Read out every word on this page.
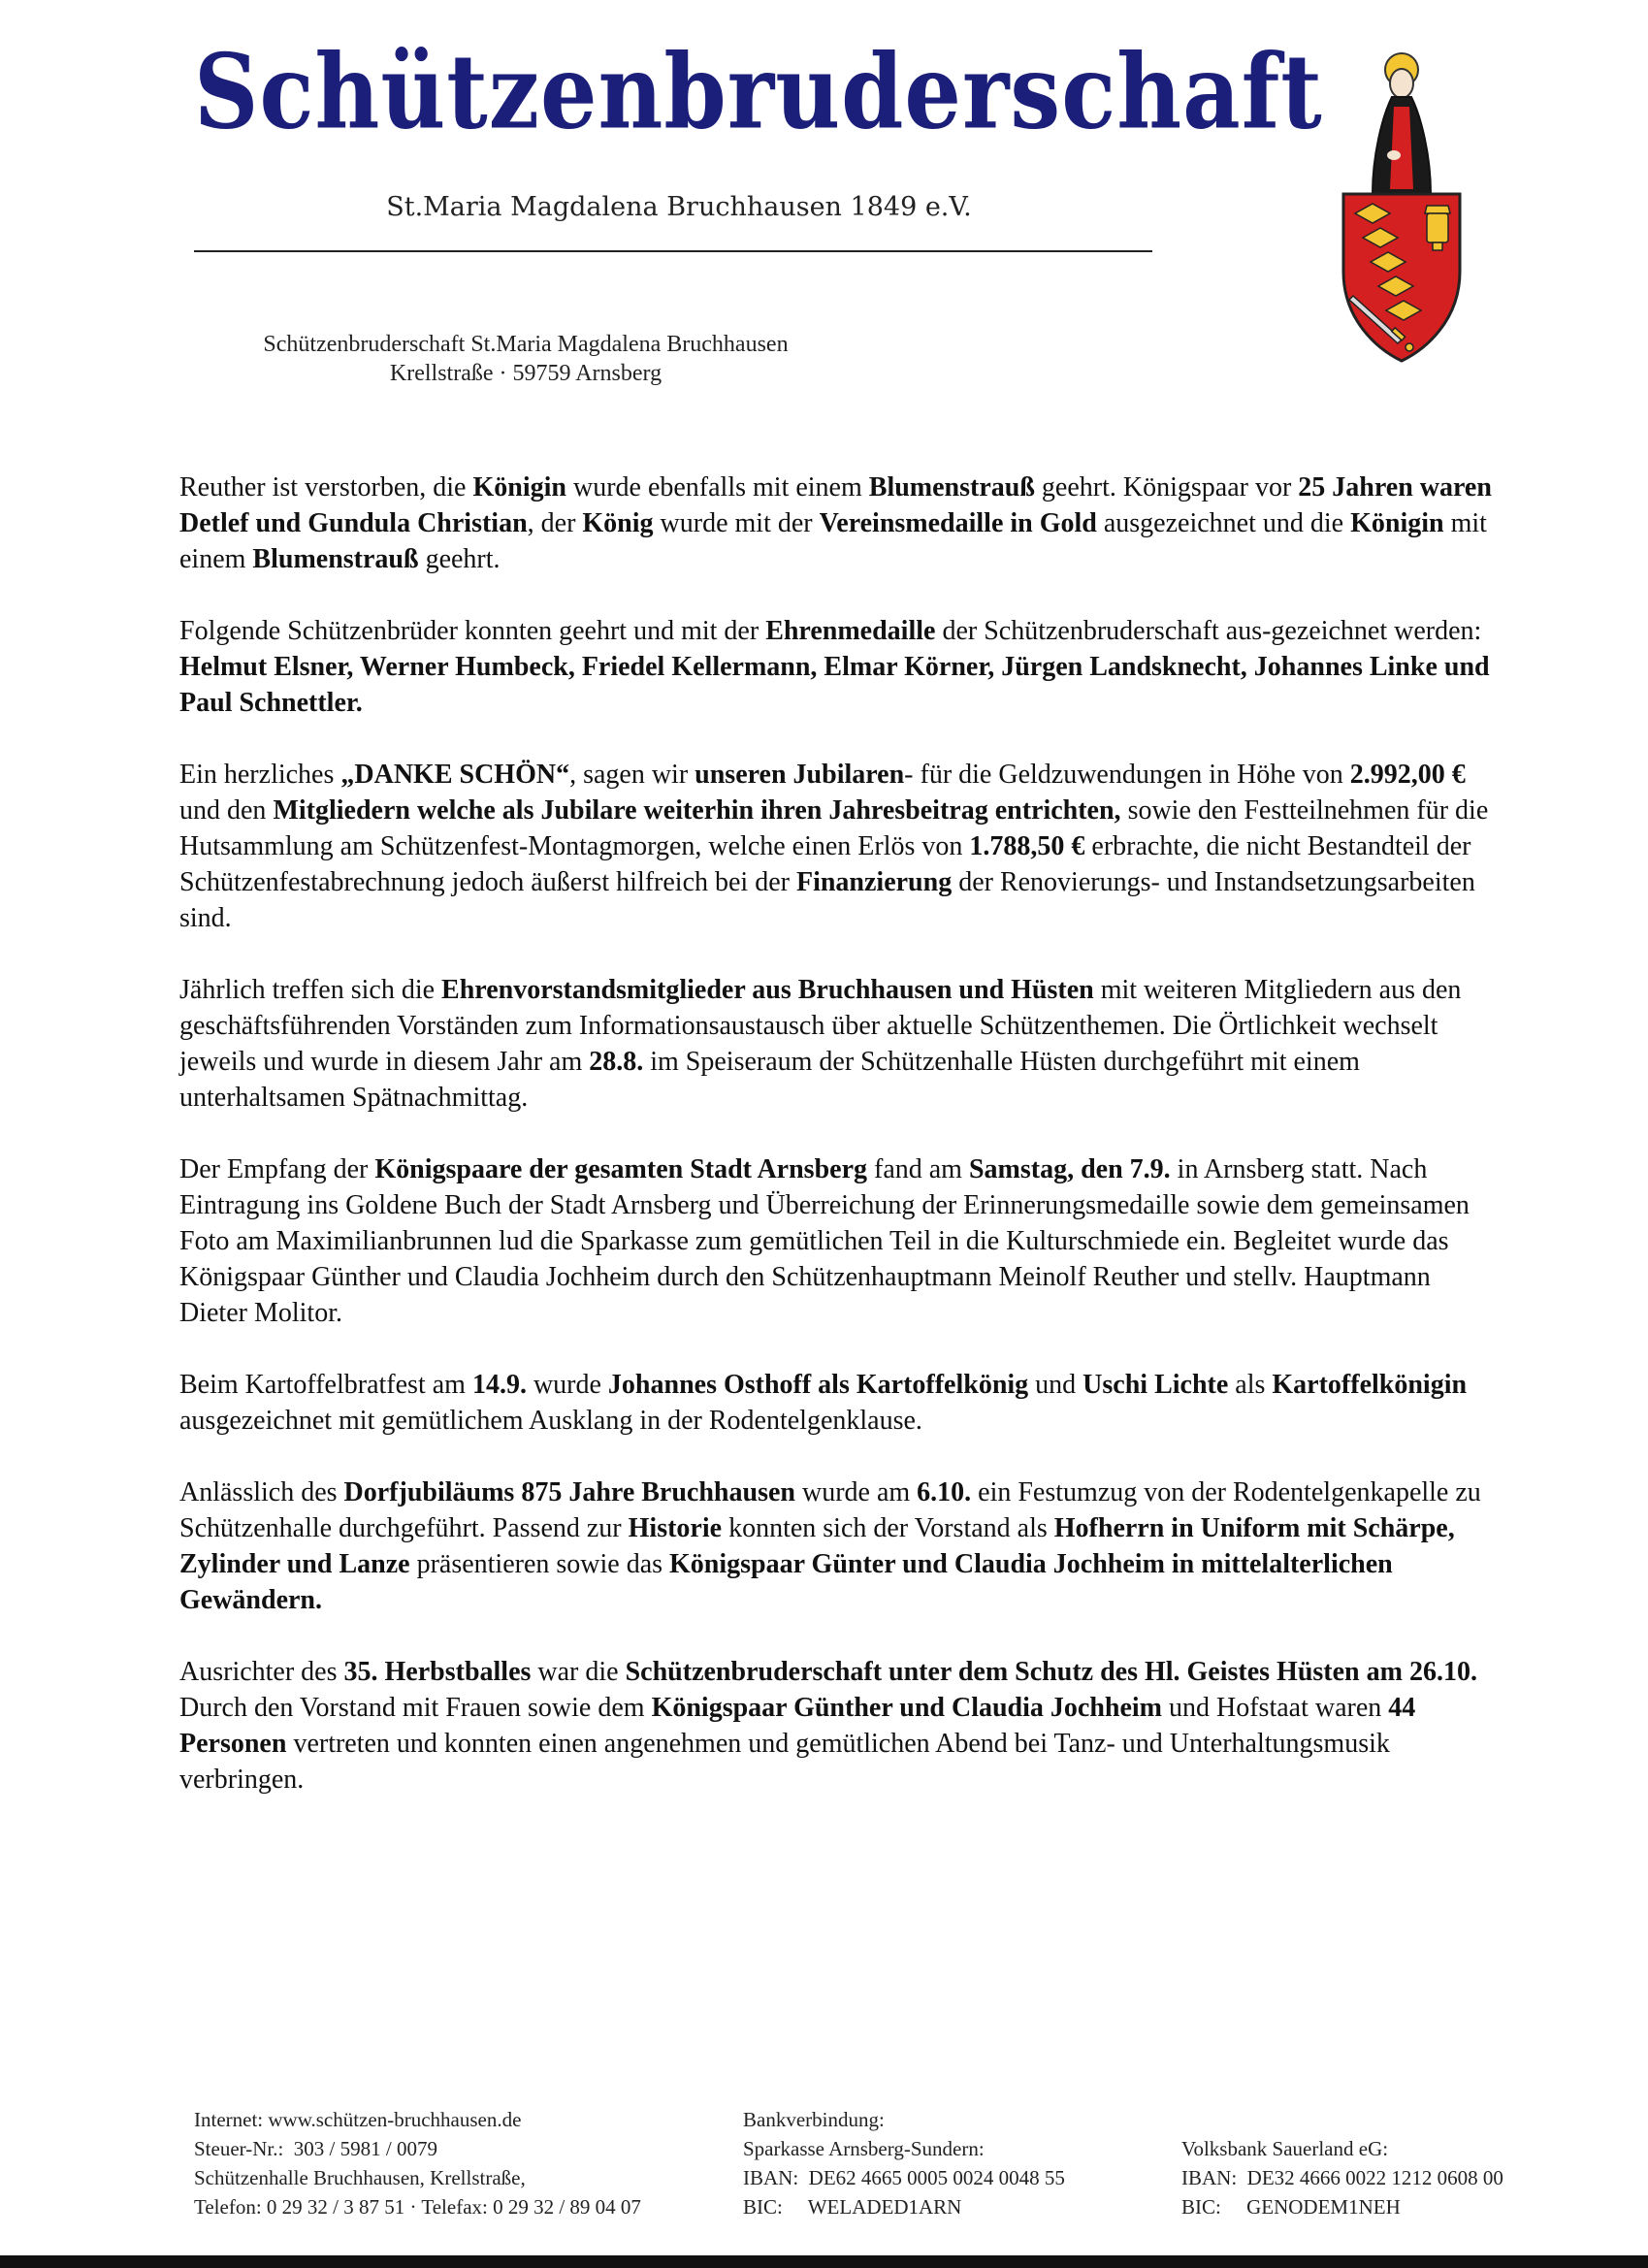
Schützenbruderschaft
St.Maria Magdalena Bruchhausen 1849 e.V.
Schützenbruderschaft St.Maria Magdalena Bruchhausen
Krellstraße · 59759 Arnsberg

Reuther ist verstorben, die Königin wurde ebenfalls mit einem Blumenstrauß geehrt. Königspaar vor 25 Jahren waren Detlef und Gundula Christian, der König wurde mit der Vereinsmedaille in Gold ausgezeichnet und die Königin mit einem Blumenstrauß geehrt.

Folgende Schützenbrüder konnten geehrt und mit der Ehrenmedaille der Schützenbruderschaft aus-gezeichnet werden: Helmut Elsner, Werner Humbeck, Friedel Kellermann, Elmar Körner, Jürgen Landsknecht, Johannes Linke und Paul Schnettler.

Ein herzliches „DANKE SCHÖN“, sagen wir unseren Jubilaren- für die Geldzuwendungen in Höhe von 2.992,00 € und den Mitgliedern welche als Jubilare weiterhin ihren Jahresbeitrag entrichten, sowie den Festteilnehmen für die Hutsammlung am Schützenfest-Montagmorgen, welche einen Erlös von 1.788,50 € erbrachte, die nicht Bestandteil der Schützenfestabrechnung jedoch äußerst hilfreich bei der Finanzierung der Renovierungs- und Instandsetzungsarbeiten sind.

Jährlich treffen sich die Ehrenvorstandsmitglieder aus Bruchhausen und Hüsten mit weiteren Mitgliedern aus den geschäftsführenden Vorständen zum Informationsaustausch über aktuelle Schützenthemen. Die Örtlichkeit wechselt jeweils und wurde in diesem Jahr am 28.8. im Speiseraum der Schützenhalle Hüsten durchgeführt mit einem unterhaltsamen Spätnachmittag.

Der Empfang der Königspaare der gesamten Stadt Arnsberg fand am Samstag, den 7.9. in Arnsberg statt. Nach Eintragung ins Goldene Buch der Stadt Arnsberg und Überreichung der Erinnerungsmedaille sowie dem gemeinsamen Foto am Maximilianbrunnen lud die Sparkasse zum gemütlichen Teil in die Kulturschmiede ein. Begleitet wurde das Königspaar Günther und Claudia Jochheim durch den Schützenhauptmann Meinolf Reuther und stellv. Hauptmann Dieter Molitor.

Beim Kartoffelbratfest am 14.9. wurde Johannes Osthoff als Kartoffelkönig und Uschi Lichte als Kartoffelkönigin ausgezeichnet mit gemütlichem Ausklang in der Rodentelgenklause.

Anlässlich des Dorfjubiläums 875 Jahre Bruchhausen wurde am 6.10. ein Festumzug von der Rodentelgenkapelle zu Schützenhalle durchgeführt. Passend zur Historie konnten sich der Vorstand als Hofherrn in Uniform mit Schärpe, Zylinder und Lanze präsentieren sowie das Königspaar Günter und Claudia Jochheim in mittelalterlichen Gewändern.

Ausrichter des 35. Herbstballes war die Schützenbruderschaft unter dem Schutz des Hl. Geistes Hüsten am 26.10. Durch den Vorstand mit Frauen sowie dem Königspaar Günther und Claudia Jochheim und Hofstaat waren 44 Personen vertreten und konnten einen angenehmen und gemütlichen Abend bei Tanz- und Unterhaltungsmusik verbringen.

Internet: www.schützen-bruchhausen.de
Steuer-Nr.:  303 / 5981 / 0079
Schützenhalle Bruchhausen, Krellstraße,
Telefon: 0 29 32 / 3 87 51 · Telefax: 0 29 32 / 89 04 07
Bankverbindung:
Sparkasse Arnsberg-Sundern:
IBAN:  DE62 4665 0005 0024 0048 55
BIC:     WELADED1ARN
Volksbank Sauerland eG:
IBAN:  DE32 4666 0022 1212 0608 00
BIC:     GENODEM1NEH
